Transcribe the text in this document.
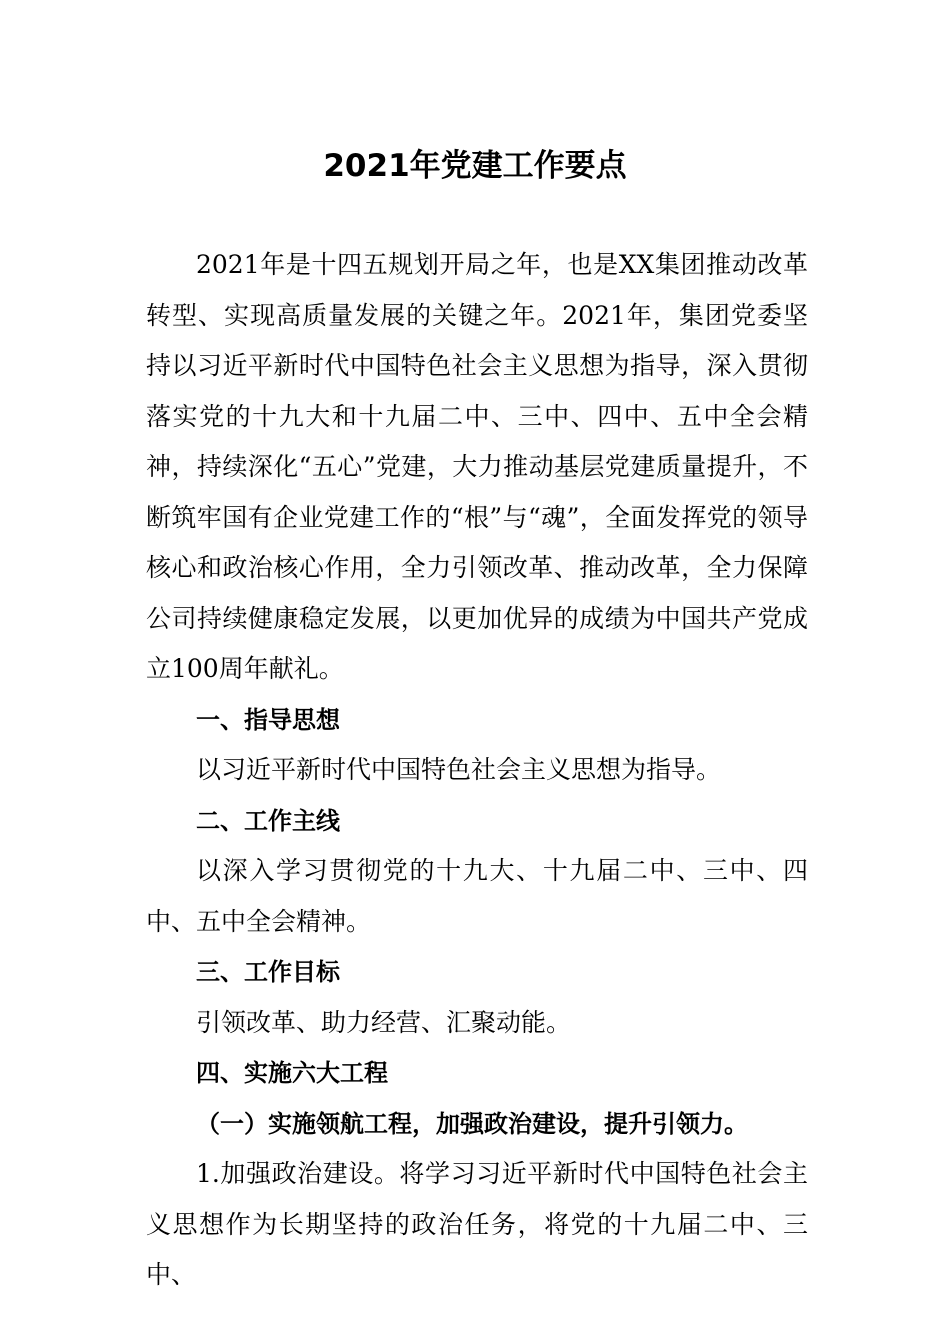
2021年党建工作要点

2021年是十四五规划开局之年，也是XX集团推动改革转型、实现高质量发展的关键之年。2021年，集团党委坚持以习近平新时代中国特色社会主义思想为指导，深入贯彻落实党的十九大和十九届二中、三中、四中、五中全会精神，持续深化“五心”党建，大力推动基层党建质量提升，不断筑牢国有企业党建工作的“根”与“魂”，全面发挥党的领导核心和政治核心作用，全力引领改革、推动改革，全力保障公司持续健康稳定发展，以更加优异的成绩为中国共产党成立100周年献礼。

一、指导思想

以习近平新时代中国特色社会主义思想为指导。

二、工作主线

以深入学习贯彻党的十九大、十九届二中、三中、四中、五中全会精神。

三、工作目标

引领改革、助力经营、汇聚动能。

四、实施六大工程

（一）实施领航工程，加强政治建设，提升引领力。

1.加强政治建设。将学习习近平新时代中国特色社会主义思想作为长期坚持的政治任务，将党的十九届二中、三中、
